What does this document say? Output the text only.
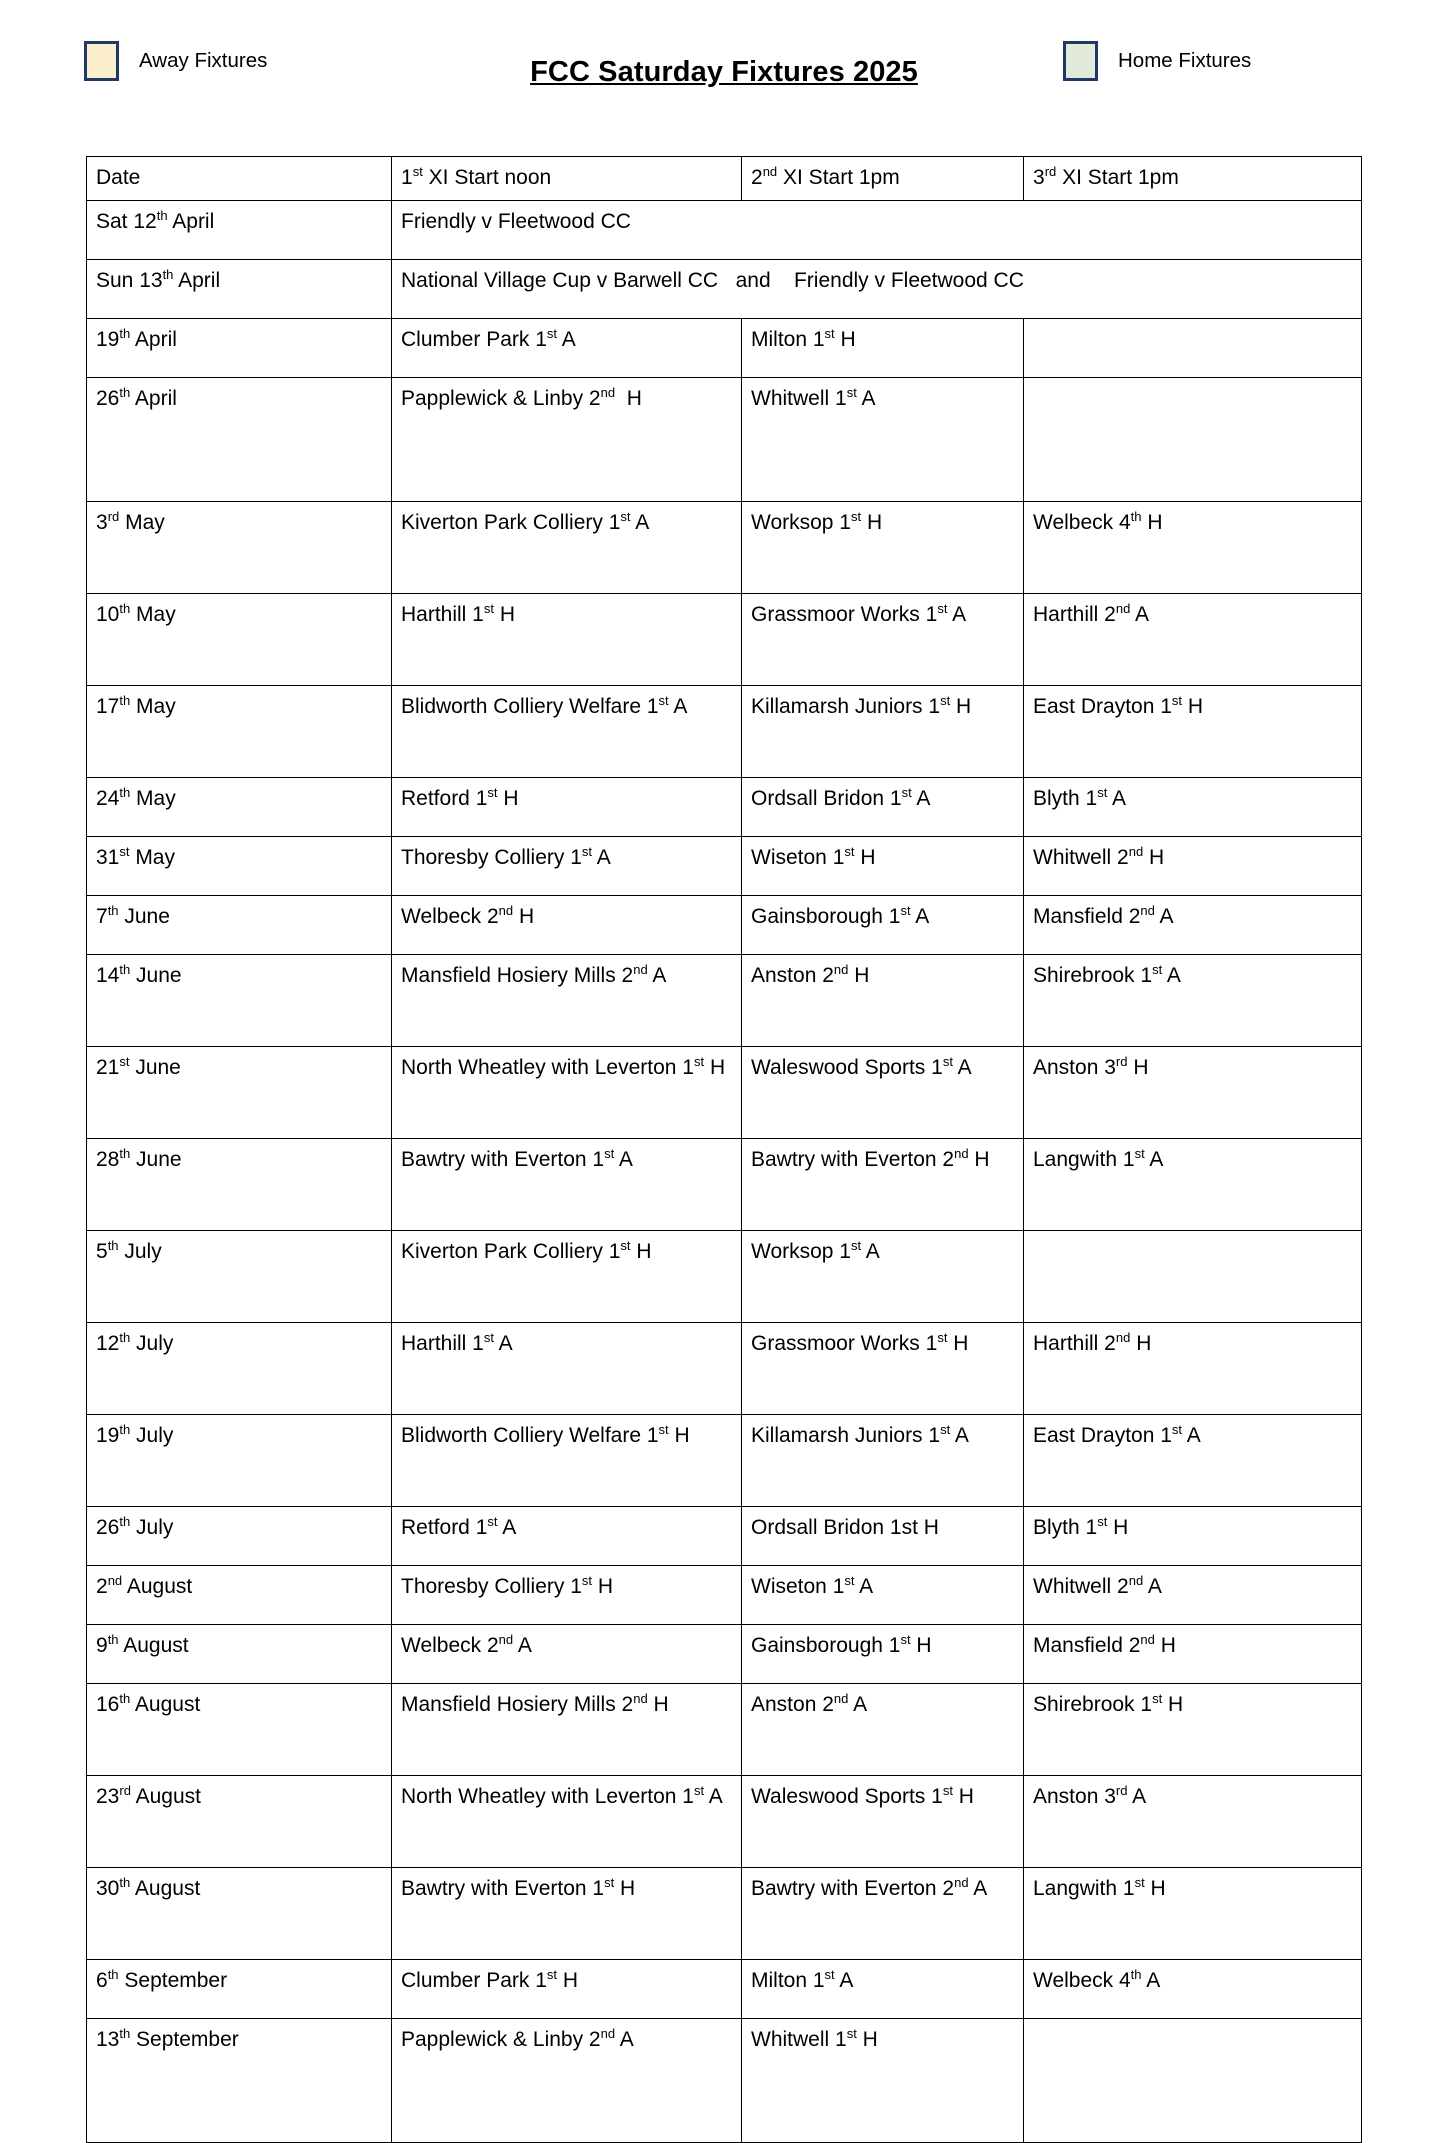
Away Fixtures	FCC Saturday Fixtures 2025	Home Fixtures
Date	1st XI Start noon	2nd XI Start 1pm	3rd XI Start 1pm
Sat 12th April	Friendly v Fleetwood CC		
Sun 13th April	National Village Cup v Barwell CC   and    Friendly v Fleetwood CC		
19th April	Clumber Park 1st A	Milton 1st H	
26th April	Papplewick & Linby 2nd  H	Whitwell 1st A	
3rd May	Kiverton Park Colliery 1st A	Worksop 1st H	Welbeck 4th H
10th May	Harthill 1st H	Grassmoor Works 1st A	Harthill 2nd A
17th May	Blidworth Colliery Welfare 1st A	Killamarsh Juniors 1st H	East Drayton 1st H
24th May	Retford 1st H	Ordsall Bridon 1st A	Blyth 1st A
31st May	Thoresby Colliery 1st A	Wiseton 1st H	Whitwell 2nd H
7th June	Welbeck 2nd H	Gainsborough 1st A	Mansfield 2nd A
14th June	Mansfield Hosiery Mills 2nd A	Anston 2nd H	Shirebrook 1st A
21st June	North Wheatley with Leverton 1st H	Waleswood Sports 1st A	Anston 3rd H
28th June	Bawtry with Everton 1st A	Bawtry with Everton 2nd H	Langwith 1st A
5th July	Kiverton Park Colliery 1st H	Worksop 1st A	
12th July	Harthill 1st A	Grassmoor Works 1st H	Harthill 2nd H
19th July	Blidworth Colliery Welfare 1st H	Killamarsh Juniors 1st A	East Drayton 1st A
26th July	Retford 1st A	Ordsall Bridon 1st H	Blyth 1st H
2nd August	Thoresby Colliery 1st H	Wiseton 1st A	Whitwell 2nd A
9th August	Welbeck 2nd A	Gainsborough 1st H	Mansfield 2nd H
16th August	Mansfield Hosiery Mills 2nd H	Anston 2nd A	Shirebrook 1st H
23rd August	North Wheatley with Leverton 1st A	Waleswood Sports 1st H	Anston 3rd A
30th August	Bawtry with Everton 1st H	Bawtry with Everton 2nd A	Langwith 1st H
6th September	Clumber Park 1st H	Milton 1st A	Welbeck 4th A
13th September	Papplewick & Linby 2nd A	Whitwell 1st H	
